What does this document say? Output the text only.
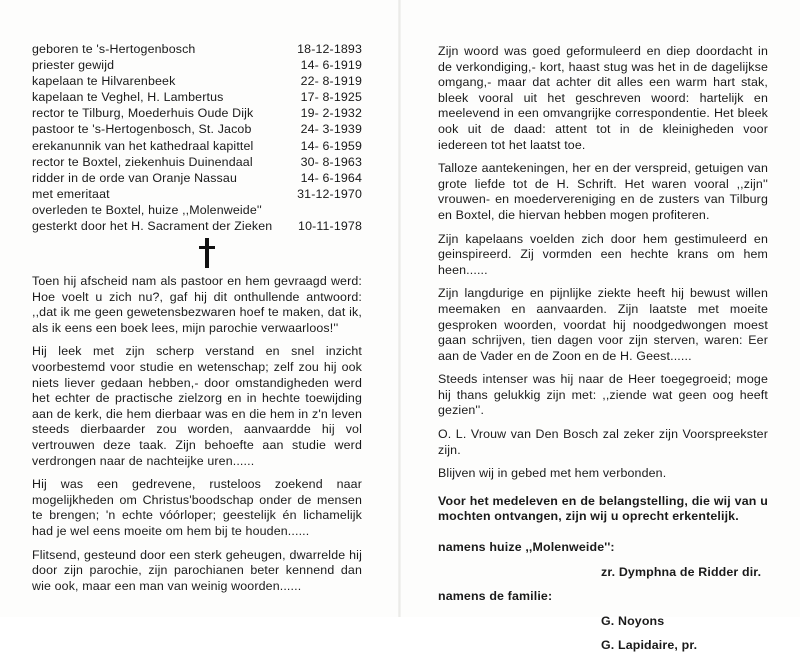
geboren te 's-Hertogenbosch	18-12-1893
priester gewijd	14- 6-1919
kapelaan te Hilvarenbeek	22- 8-1919
kapelaan te Veghel, H. Lambertus	17- 8-1925
rector te Tilburg, Moederhuis Oude Dijk	19- 2-1932
pastoor te 's-Hertogenbosch, St. Jacob	24- 3-1939
erekanunnik van het kathedraal kapittel	14- 6-1959
rector te Boxtel, ziekenhuis Duinendaal	30- 8-1963
ridder in de orde van Oranje Nassau	14- 6-1964
met emeritaat	31-12-1970
overleden te Boxtel, huize ,,Molenweide''
gesterkt door het H. Sacrament der Zieken 10-11-1978

Toen hij afscheid nam als pastoor en hem gevraagd werd: Hoe voelt u zich nu?, gaf hij dit onthullende antwoord: ,,dat ik me geen gewetensbezwaren hoef te maken, dat ik, als ik eens een boek lees, mijn parochie verwaarloos!''

Hij leek met zijn scherp verstand en snel inzicht voorbestemd voor studie en wetenschap; zelf zou hij ook niets liever gedaan hebben,- door omstandigheden werd het echter de practische zielzorg en in hechte toewijding aan de kerk, die hem dierbaar was en die hem in z'n leven steeds dierbaarder zou worden, aanvaardde hij vol vertrouwen deze taak. Zijn behoefte aan studie werd verdrongen naar de nachteijke uren......

Hij was een gedrevene, rusteloos zoekend naar mogelijkheden om Christus'boodschap onder de mensen te brengen; 'n echte vóórloper; geestelijk én lichamelijk had je wel eens moeite om hem bij te houden......

Flitsend, gesteund door een sterk geheugen, dwarrelde hij door zijn parochie, zijn parochianen beter kennend dan wie ook, maar een man van weinig woorden......

Zijn woord was goed geformuleerd en diep doordacht in de verkondiging,- kort, haast stug was het in de dagelijkse omgang,- maar dat achter dit alles een warm hart stak, bleek vooral uit het geschreven woord: hartelijk en meelevend in een omvangrijke correspondentie. Het bleek ook uit de daad: attent tot in de kleinigheden voor iedereen tot het laatst toe.

Talloze aantekeningen, her en der verspreid, getuigen van grote liefde tot de H. Schrift. Het waren vooral ,,zijn'' vrouwen- en moedervereniging en de zusters van Tilburg en Boxtel, die hiervan hebben mogen profiteren.

Zijn kapelaans voelden zich door hem gestimuleerd en geinspireerd. Zij vormden een hechte krans om hem heen......

Zijn langdurige en pijnlijke ziekte heeft hij bewust willen meemaken en aanvaarden. Zijn laatste met moeite gesproken woorden, voordat hij noodgedwongen moest gaan schrijven, tien dagen voor zijn sterven, waren: Eer aan de Vader en de Zoon en de H. Geest......

Steeds intenser was hij naar de Heer toegegroeid; moge hij thans gelukkig zijn met: ,,ziende wat geen oog heeft gezien''.

O. L. Vrouw van Den Bosch zal zeker zijn Voorspreekster zijn.

Blijven wij in gebed met hem verbonden.

Voor het medeleven en de belangstelling, die wij van u mochten ontvangen, zijn wij u oprecht erkentelijk.

namens huize ,,Molenweide'':

zr. Dymphna de Ridder dir.

namens de familie:

G. Noyons

G. Lapidaire, pr.
